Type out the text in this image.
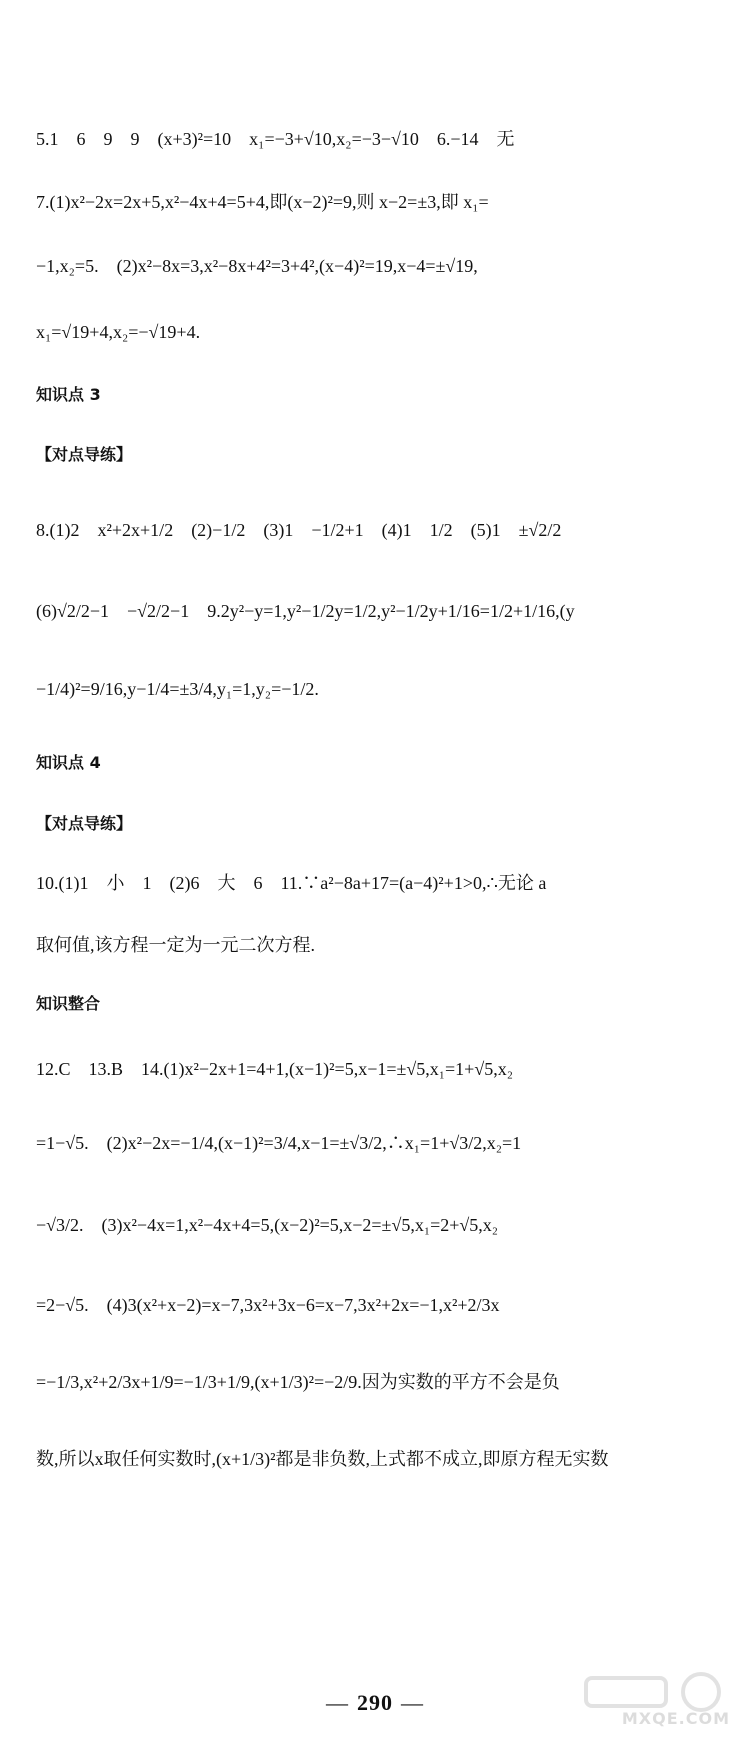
5.1　6　9　9　(x+3)²=10　x₁=−3+√10,x₂=−3−√10　6.−14　无
7.(1)x²−2x=2x+5,x²−4x+4=5+4,即(x−2)²=9,则 x−2=±3,即 x₁=
−1,x₂=5.　(2)x²−8x=3,x²−8x+4²=3+4²,(x−4)²=19,x−4=±√19,
x₁=√19+4,x₂=−√19+4.
知识点 3
【对点导练】
8.(1)2　x²+2x+1/2　(2)−1/2　(3)1　−1/2+1　(4)1　1/2　(5)1　±√2/2
(6)√2/2−1　−√2/2−1　9.2y²−y=1,y²−1/2y=1/2,y²−1/2y+1/16=1/2+1/16,(y
−1/4)²=9/16,y−1/4=±3/4,y₁=1,y₂=−1/2.
知识点 4
【对点导练】
10.(1)1　小　1　(2)6　大　6　11.∵a²−8a+17=(a−4)²+1>0,∴无论 a
取何值,该方程一定为一元二次方程.
知识整合
12.C　13.B　14.(1)x²−2x+1=4+1,(x−1)²=5,x−1=±√5,x₁=1+√5,x₂
=1−√5.　(2)x²−2x=−1/4,(x−1)²=3/4,x−1=±√3/2,∴x₁=1+√3/2,x₂=1
−√3/2.　(3)x²−4x=1,x²−4x+4=5,(x−2)²=5,x−2=±√5,x₁=2+√5,x₂
=2−√5.　(4)3(x²+x−2)=x−7,3x²+3x−6=x−7,3x²+2x=−1,x²+2/3x
=−1/3,x²+2/3x+1/9=−1/3+1/9,(x+1/3)²=−2/9.因为实数的平方不会是负
数,所以x取任何实数时,(x+1/3)²都是非负数,上式都不成立,即原方程无实数
— 290 —
MXQE.COM
